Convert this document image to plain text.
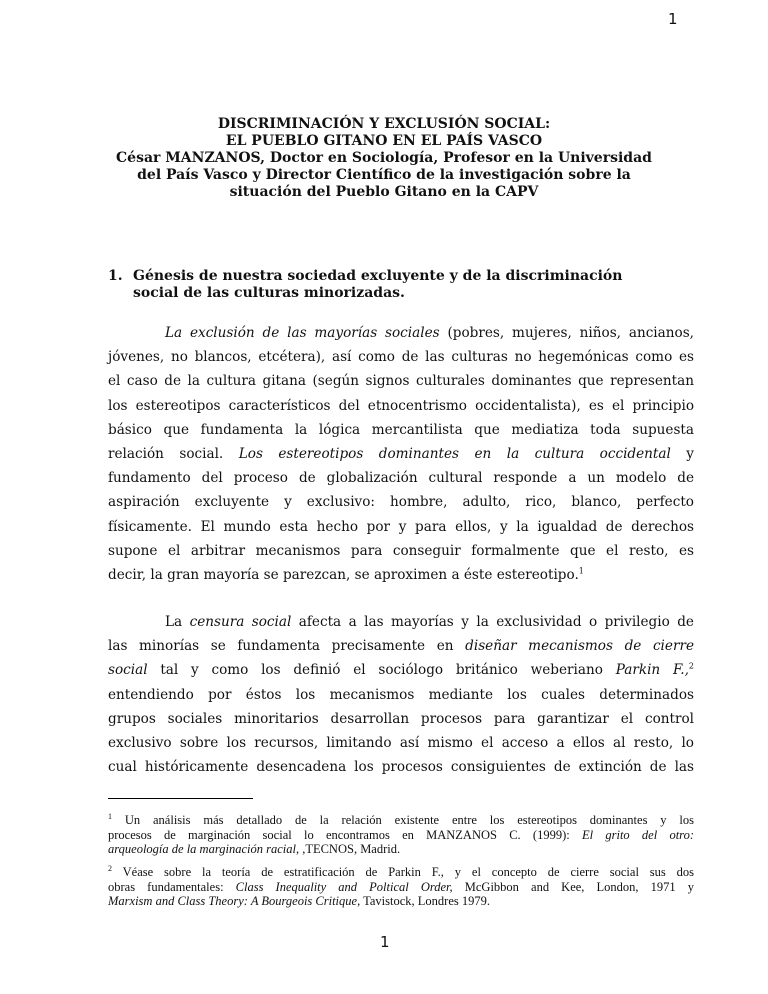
1
DISCRIMINACIÓN Y EXCLUSIÓN SOCIAL:
EL PUEBLO GITANO EN EL PAÍS VASCO
César MANZANOS, Doctor en Sociología, Profesor en la Universidad
del País Vasco y Director Científico de la investigación sobre la
situación del Pueblo Gitano en la CAPV
1. Génesis de nuestra sociedad excluyente y de la discriminación
social de las culturas minorizadas.
La exclusión de las mayorías sociales (pobres, mujeres, niños, ancianos,
jóvenes, no blancos, etcétera), así como de las culturas no hegemónicas como es
el caso de la cultura gitana (según signos culturales dominantes que representan
los estereotipos característicos del etnocentrismo occidentalista), es el principio
básico que fundamenta la lógica mercantilista que mediatiza toda supuesta
relación social. Los estereotipos dominantes en la cultura occidental y
fundamento del proceso de globalización cultural responde a un modelo de
aspiración excluyente y exclusivo: hombre, adulto, rico, blanco, perfecto
físicamente. El mundo esta hecho por y para ellos, y la igualdad de derechos
supone el arbitrar mecanismos para conseguir formalmente que el resto, es
decir, la gran mayoría se parezcan, se aproximen a éste estereotipo.$^1$
La censura social afecta a las mayorías y la exclusividad o privilegio de
las minorías se fundamenta precisamente en diseñar mecanismos de cierre
social tal y como los definió el sociólogo británico weberiano Parkin F.,$^2$
entendiendo por éstos los mecanismos mediante los cuales determinados
grupos sociales minoritarios desarrollan procesos para garantizar el control
exclusivo sobre los recursos, limitando así mismo el acceso a ellos al resto, lo
cual históricamente desencadena los procesos consiguientes de extinción de las
$^1$ Un análisis más detallado de la relación existente entre los estereotipos dominantes y los
procesos de marginación social lo encontramos en MANZANOS C. (1999): El grito del otro:
arqueología de la marginación racial, ,TECNOS, Madrid.
$^2$ Véase sobre la teoría de estratificación de Parkin F., y el concepto de cierre social sus dos
obras fundamentales: Class Inequality and Poltical Order, McGibbon and Kee, London, 1971 y
Marxism and Class Theory: A Bourgeois Critique, Tavistock, Londres 1979.
1
